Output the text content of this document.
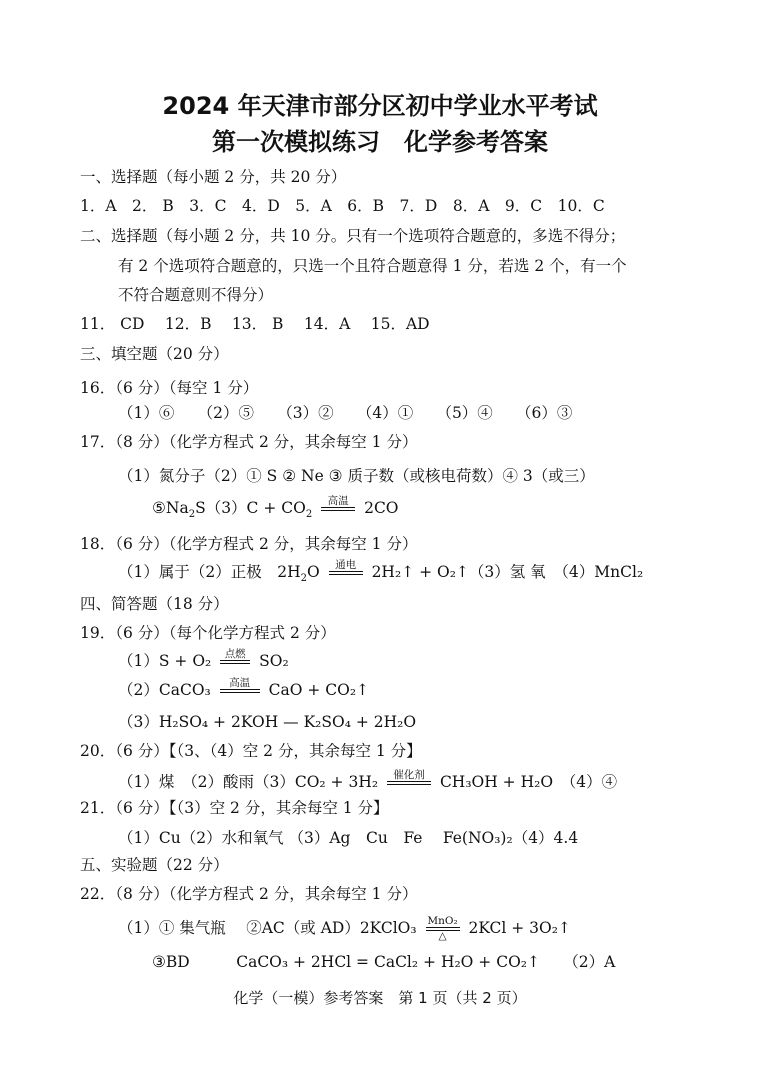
2024 年天津市部分区初中学业水平考试
第一次模拟练习　化学参考答案
一、选择题（每小题 2 分，共 20 分）
1．A　2． B　3．C　4．D　5．A　6．B　7．D　8．A　9．C　10．C
二、选择题（每小题 2 分，共 10 分。只有一个选项符合题意的，多选不得分；
有 2 个选项符合题意的，只选一个且符合题意得 1 分，若选 2 个，有一个
不符合题意则不得分）
11． CD　 12．B　 13． B　 14．A　 15．AD
三、填空题（20 分）
16．（6 分）（每空 1 分）
（1）⑥　　（2）⑤　　（3）②　　（4）①　　（5）④　　（6）③
17．（8 分）（化学方程式 2 分，其余每空 1 分）
（1）氮分子（2）① S ② Ne ③ 质子数（或核电荷数）④ 3（或三）
$⑤Na_2S(3)C + CO_2$
高温 2CO
18．（6 分）（化学方程式 2 分，其余每空 1 分）
（1）属于（2）正极　$2H_2O$	通电 2H₂↑ + O₂↑（3）氢 氧　（4）MnCl₂
四、简答题（18 分）
19．（6 分）（每个化学方程式 2 分）
（1）S + O₂	点燃 SO₂
（2）CaCO₃	高温	CaO + CO₂↑
（3）H₂SO₄ + 2KOH — K₂SO₄ + 2H₂O
20．（6 分）【（3、（4）空 2 分，其余每空 1 分】
（1）煤　（2）酸雨（3）CO₂ + 3H₂	催化剂 CH₃OH + H₂O　（4）④
21．（6 分）【（3）空 2 分，其余每空 1 分】
（1）Cu（2）水和氧气 （3）Ag　Cu　Fe　 Fe(NO₃)₂（4）4.4
五、实验题（22 分）
22．（8 分）（化学方程式 2 分，其余每空 1 分）
（1）① 集气瓶　 ②AC（或 AD）2KClO₃ MnO₂
△	2KCl + 3O₂↑
③BD　　　CaCO₃ + 2HCl = CaCl₂ + H₂O + CO₂↑　　（2）A
化学（一模）参考答案　第 1 页（共 2 页）
